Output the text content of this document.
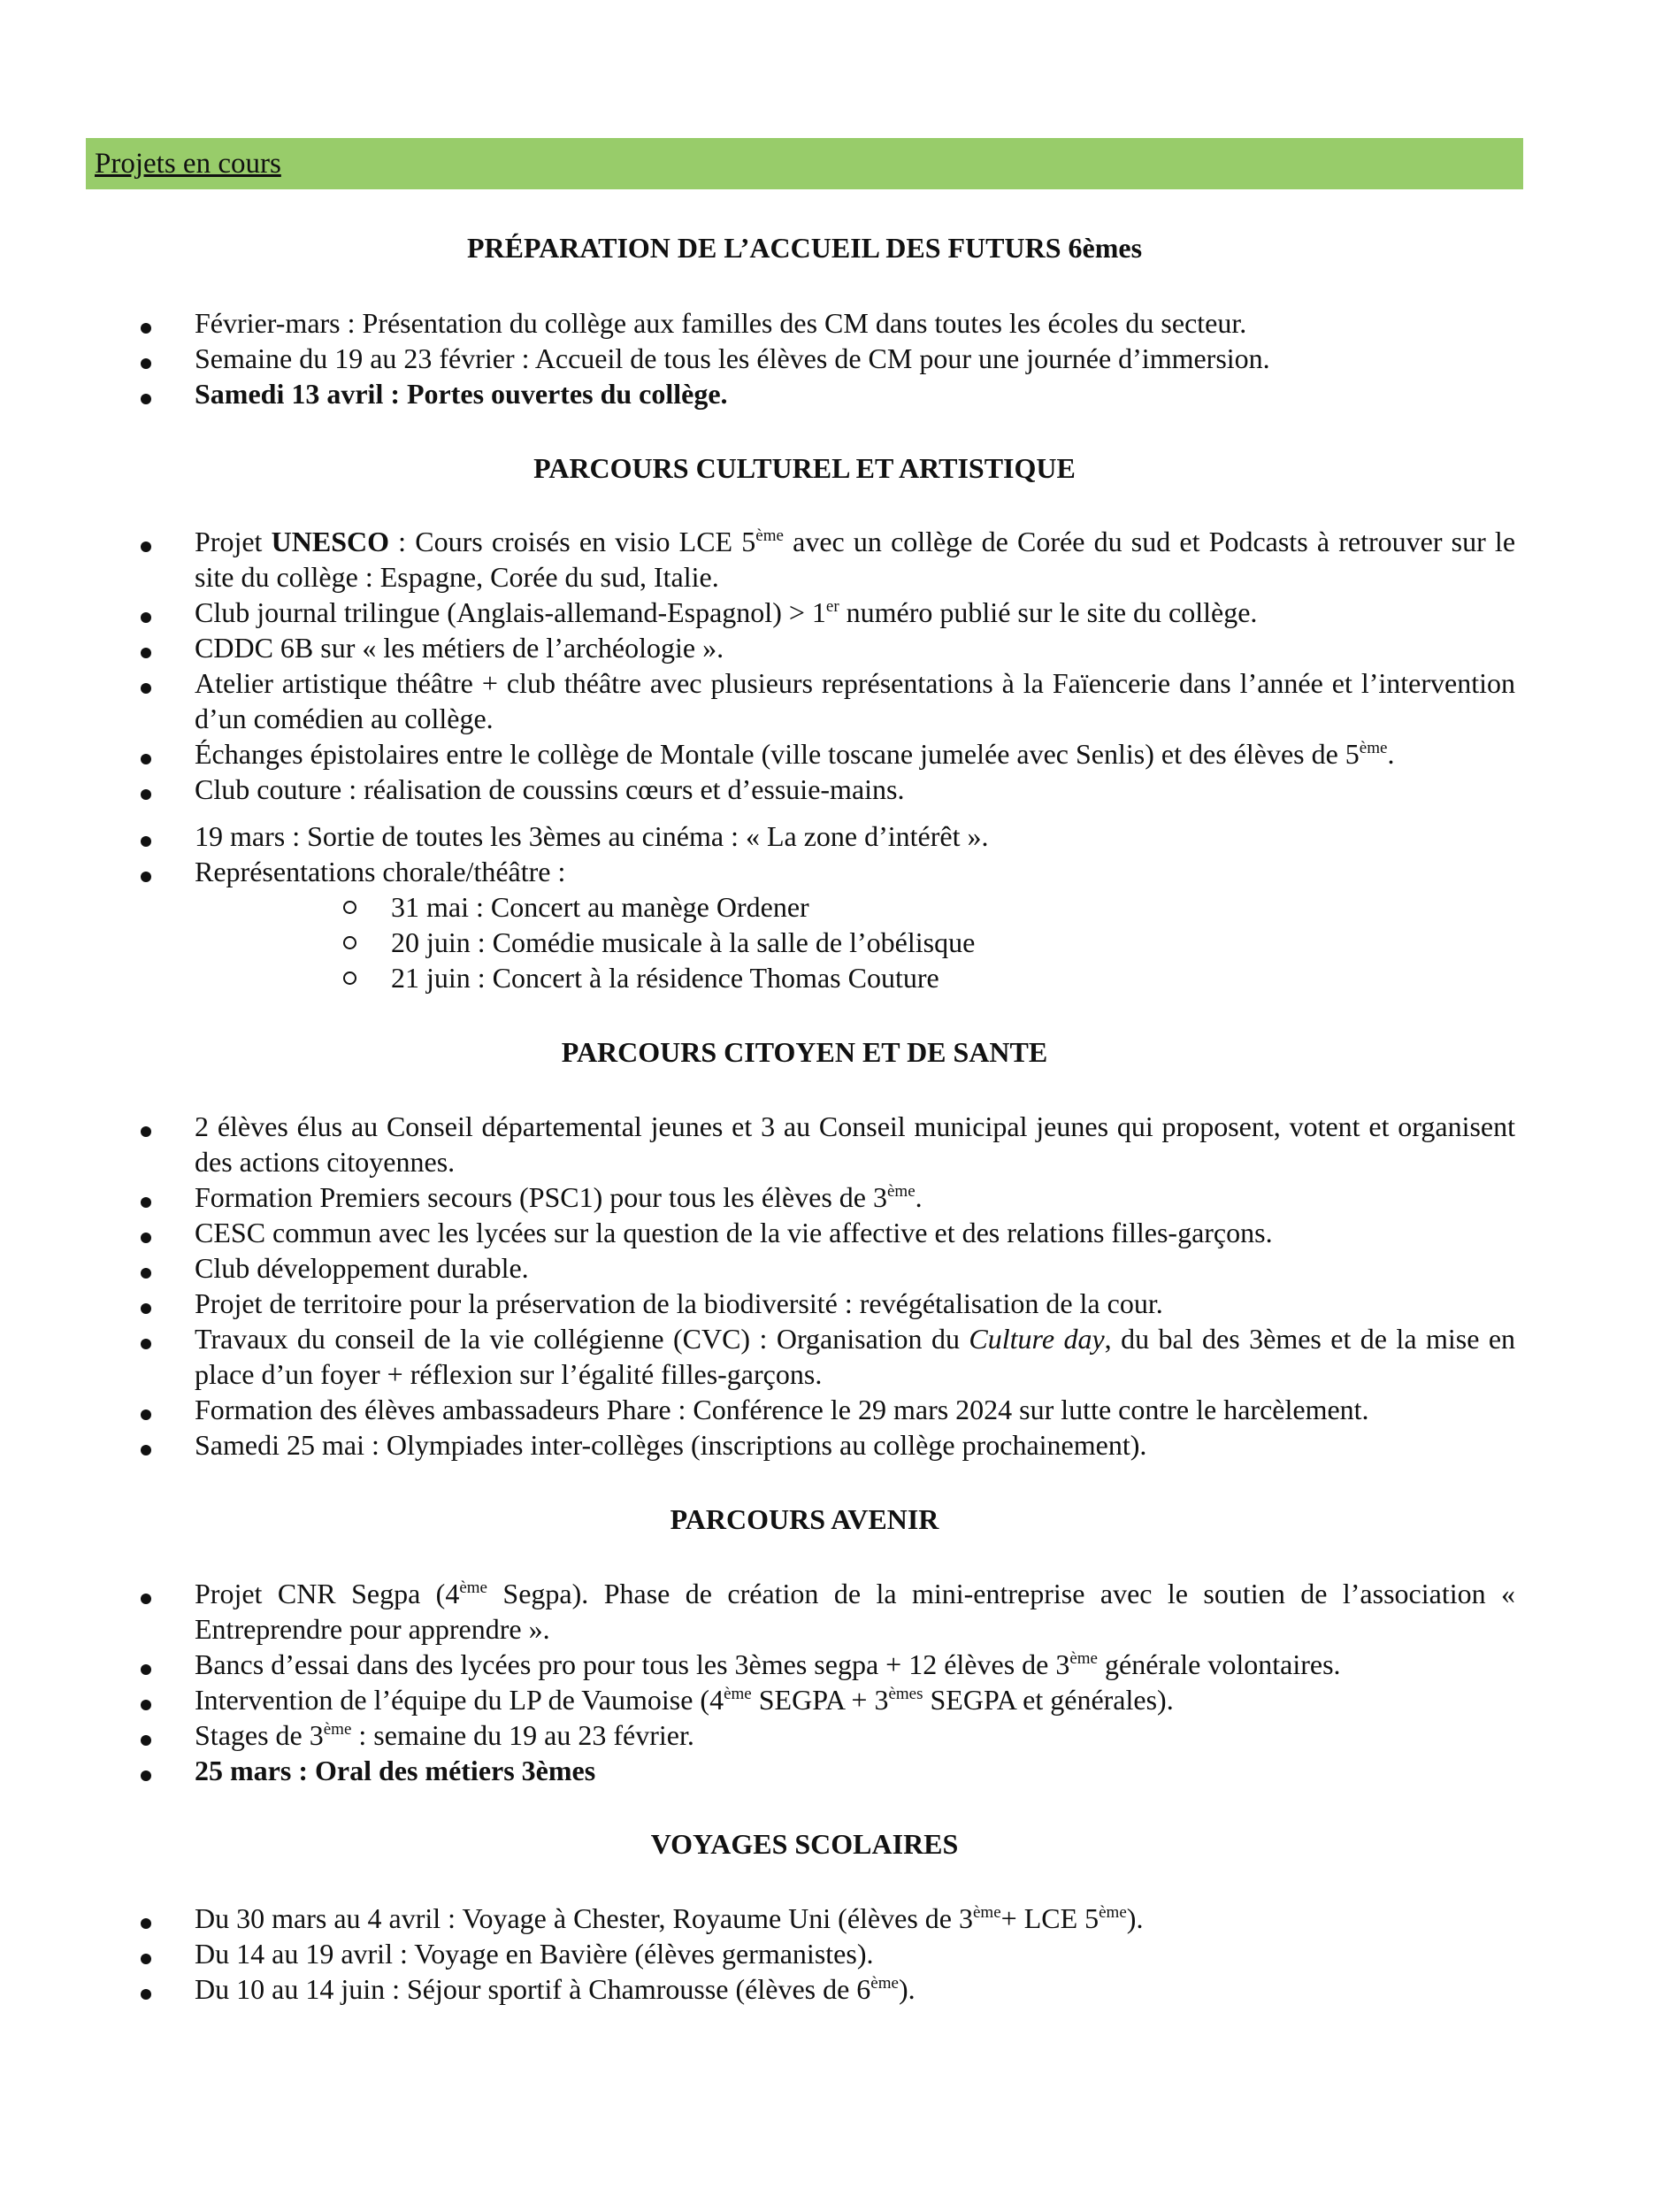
Projets en cours
PRÉPARATION DE L’ACCUEIL DES FUTURS 6èmes
Février-mars : Présentation du collège aux familles des CM dans toutes les écoles du secteur.
Semaine du 19 au 23 février : Accueil de tous les élèves de CM pour une journée d’immersion.
Samedi 13 avril : Portes ouvertes du collège.
PARCOURS CULTUREL ET ARTISTIQUE
Projet UNESCO : Cours croisés en visio LCE 5ème avec un collège de Corée du sud et Podcasts à retrouver sur le site du collège : Espagne, Corée du sud, Italie.
Club journal trilingue (Anglais-allemand-Espagnol) > 1er numéro publié sur le site du collège.
CDDC 6B sur « les métiers de l’archéologie ».
Atelier artistique théâtre + club théâtre avec plusieurs représentations à la Faïencerie dans l’année et l’intervention d’un comédien au collège.
Échanges épistolaires entre le collège de Montale (ville toscane jumelée avec Senlis) et des élèves de 5ème.
Club couture : réalisation de coussins cœurs et d’essuie-mains.
19 mars : Sortie de toutes les 3èmes au cinéma : « La zone d’intérêt ».
Représentations chorale/théâtre :
31 mai : Concert au manège Ordener
20 juin : Comédie musicale à la salle de l’obélisque
21 juin : Concert à la résidence Thomas Couture
PARCOURS CITOYEN ET DE SANTE
2 élèves élus au Conseil départemental jeunes et 3 au Conseil municipal jeunes qui proposent, votent et organisent des actions citoyennes.
Formation Premiers secours (PSC1) pour tous les élèves de 3ème.
CESC commun avec les lycées sur la question de la vie affective et des relations filles-garçons.
Club développement durable.
Projet de territoire pour la préservation de la biodiversité : revégétalisation de la cour.
Travaux du conseil de la vie collégienne (CVC) : Organisation du Culture day, du bal des 3èmes et de la mise en place d’un foyer + réflexion sur l’égalité filles-garçons.
Formation des élèves ambassadeurs Phare : Conférence le 29 mars 2024 sur lutte contre le harcèlement.
Samedi 25 mai : Olympiades inter-collèges (inscriptions au collège prochainement).
PARCOURS AVENIR
Projet CNR Segpa (4ème Segpa). Phase de création de la mini-entreprise avec le soutien de l’association « Entreprendre pour apprendre ».
Bancs d’essai dans des lycées pro pour tous les 3èmes segpa + 12 élèves de 3ème générale volontaires.
Intervention de l’équipe du LP de Vaumoise (4ème SEGPA + 3èmes SEGPA et générales).
Stages de 3ème : semaine du 19 au 23 février.
25 mars : Oral des métiers 3èmes
VOYAGES SCOLAIRES
Du 30 mars au 4 avril : Voyage à Chester, Royaume Uni (élèves de 3ème+ LCE 5ème).
Du 14 au 19 avril : Voyage en Bavière (élèves germanistes).
Du 10 au 14 juin : Séjour sportif à Chamrousse (élèves de 6ème).
